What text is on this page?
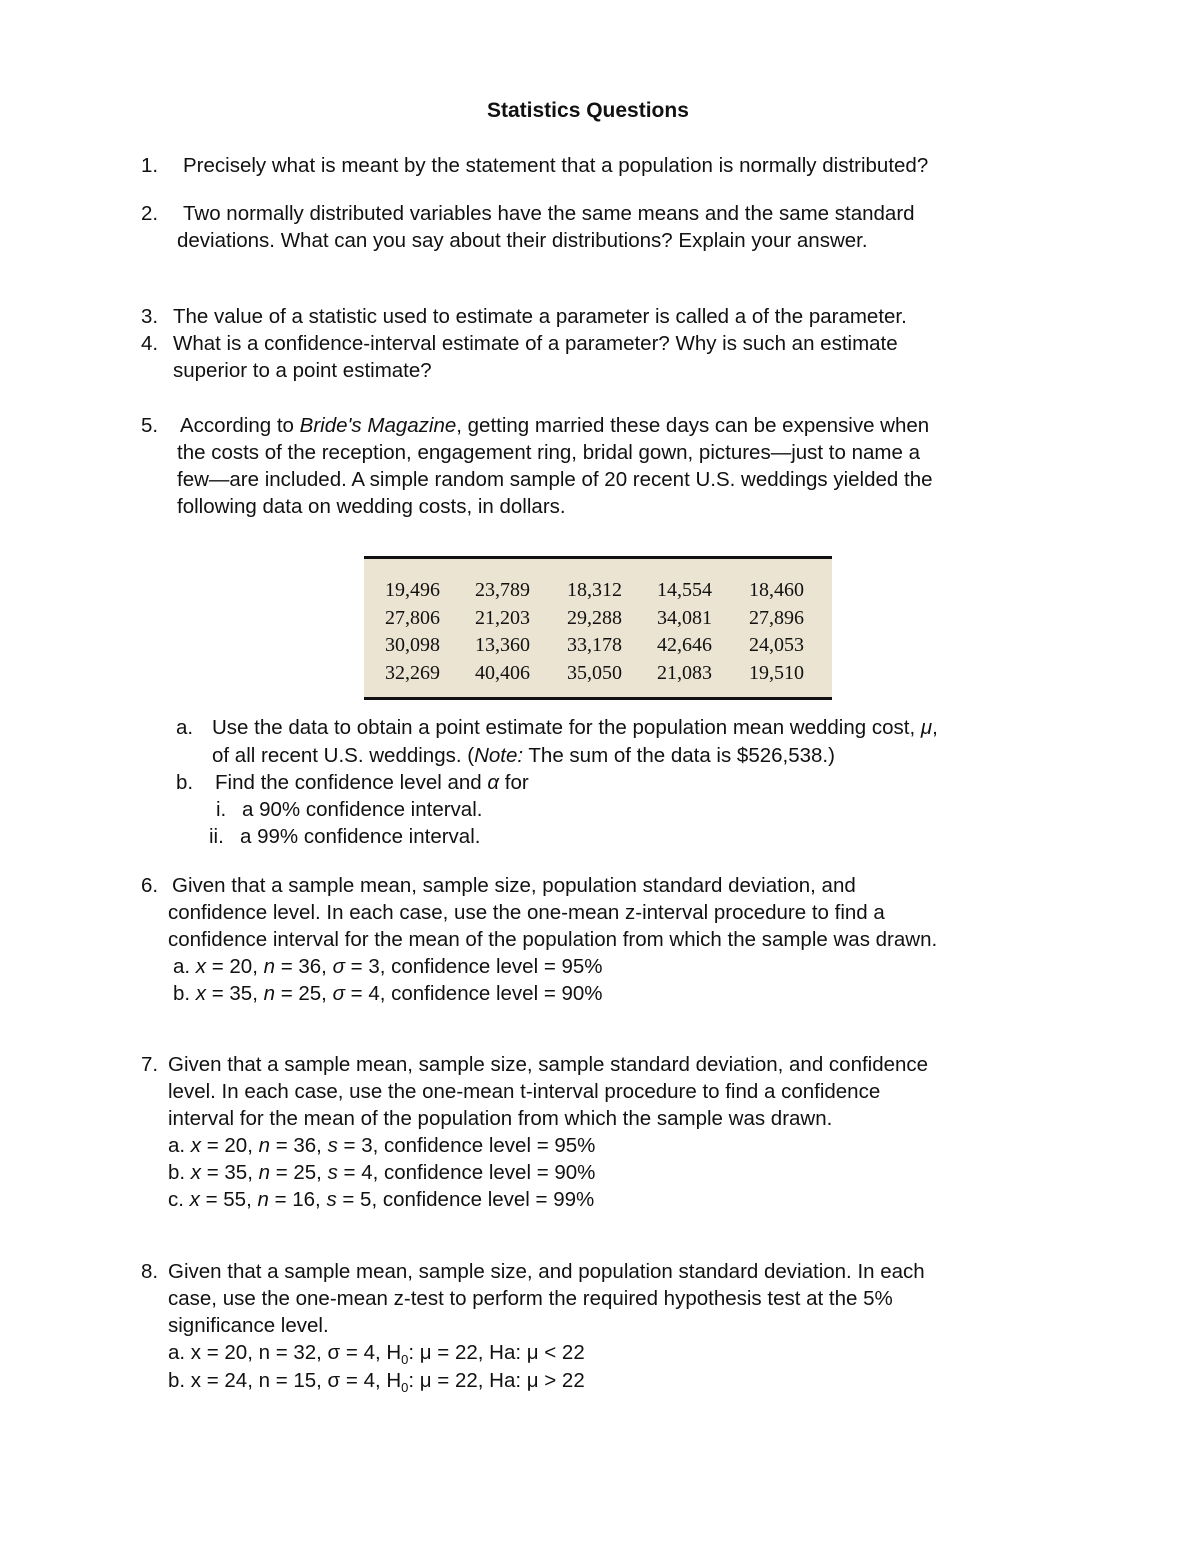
Statistics Questions
1. Precisely what is meant by the statement that a population is normally distributed?
2. Two normally distributed variables have the same means and the same standard
deviations. What can you say about their distributions? Explain your answer.
3. The value of a statistic used to estimate a parameter is called a of the parameter.
4. What is a confidence-interval estimate of a parameter? Why is such an estimate
superior to a point estimate?
5. According to Bride's Magazine, getting married these days can be expensive when
the costs of the reception, engagement ring, bridal gown, pictures—just to name a
few—are included. A simple random sample of 20 recent U.S. weddings yielded the
following data on wedding costs, in dollars.
19,496	23,789	18,312	14,554	18,460
27,806	21,203	29,288	34,081	27,896
30,098	13,360	33,178	42,646	24,053
32,269	40,406	35,050	21,083	19,510
a. Use the data to obtain a point estimate for the population mean wedding cost, μ,
of all recent U.S. weddings. (Note: The sum of the data is $526,538.)
b. Find the confidence level and α for
i. a 90% confidence interval.
ii. a 99% confidence interval.
6. Given that a sample mean, sample size, population standard deviation, and
confidence level. In each case, use the one-mean z-interval procedure to find a
confidence interval for the mean of the population from which the sample was drawn.
a. x = 20, n = 36, σ = 3, confidence level = 95%
b. x = 35, n = 25, σ = 4, confidence level = 90%
7. Given that a sample mean, sample size, sample standard deviation, and confidence
level. In each case, use the one-mean t-interval procedure to find a confidence
interval for the mean of the population from which the sample was drawn.
a. x = 20, n = 36, s = 3, confidence level = 95%
b. x = 35, n = 25, s = 4, confidence level = 90%
c. x = 55, n = 16, s = 5, confidence level = 99%
8. Given that a sample mean, sample size, and population standard deviation. In each
case, use the one-mean z-test to perform the required hypothesis test at the 5%
significance level.
a. x = 20, n = 32, σ = 4, $H_0$: μ = 22, Ha: μ < 22
b. x = 24, n = 15, σ = 4, $H_0$: μ = 22, Ha: μ > 22
